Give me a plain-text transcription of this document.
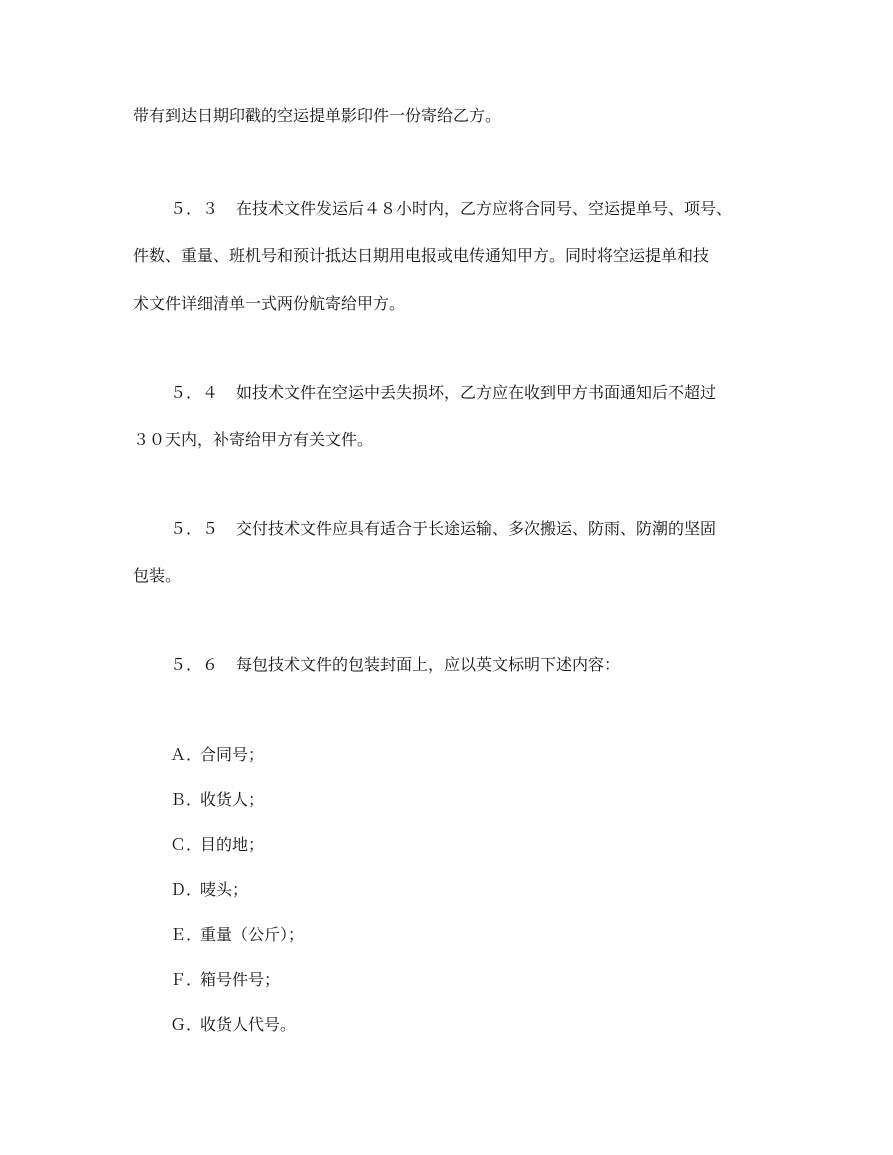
带有到达日期印戳的空运提单影印件一份寄给乙方。
５．３ 在技术文件发运后４８小时内，乙方应将合同号、空运提单号、项号、
件数、重量、班机号和预计抵达日期用电报或电传通知甲方。同时将空运提单和技
术文件详细清单一式两份航寄给甲方。
５．４ 如技术文件在空运中丢失损坏，乙方应在收到甲方书面通知后不超过
３０天内，补寄给甲方有关文件。
５．５ 交付技术文件应具有适合于长途运输、多次搬运、防雨、防潮的坚固
包装。
５．６ 每包技术文件的包装封面上，应以英文标明下述内容：
Ａ．合同号；
Ｂ．收货人；
Ｃ．目的地；
Ｄ．唛头；
Ｅ．重量（公斤）；
Ｆ．箱号件号；
Ｇ．收货人代号。
